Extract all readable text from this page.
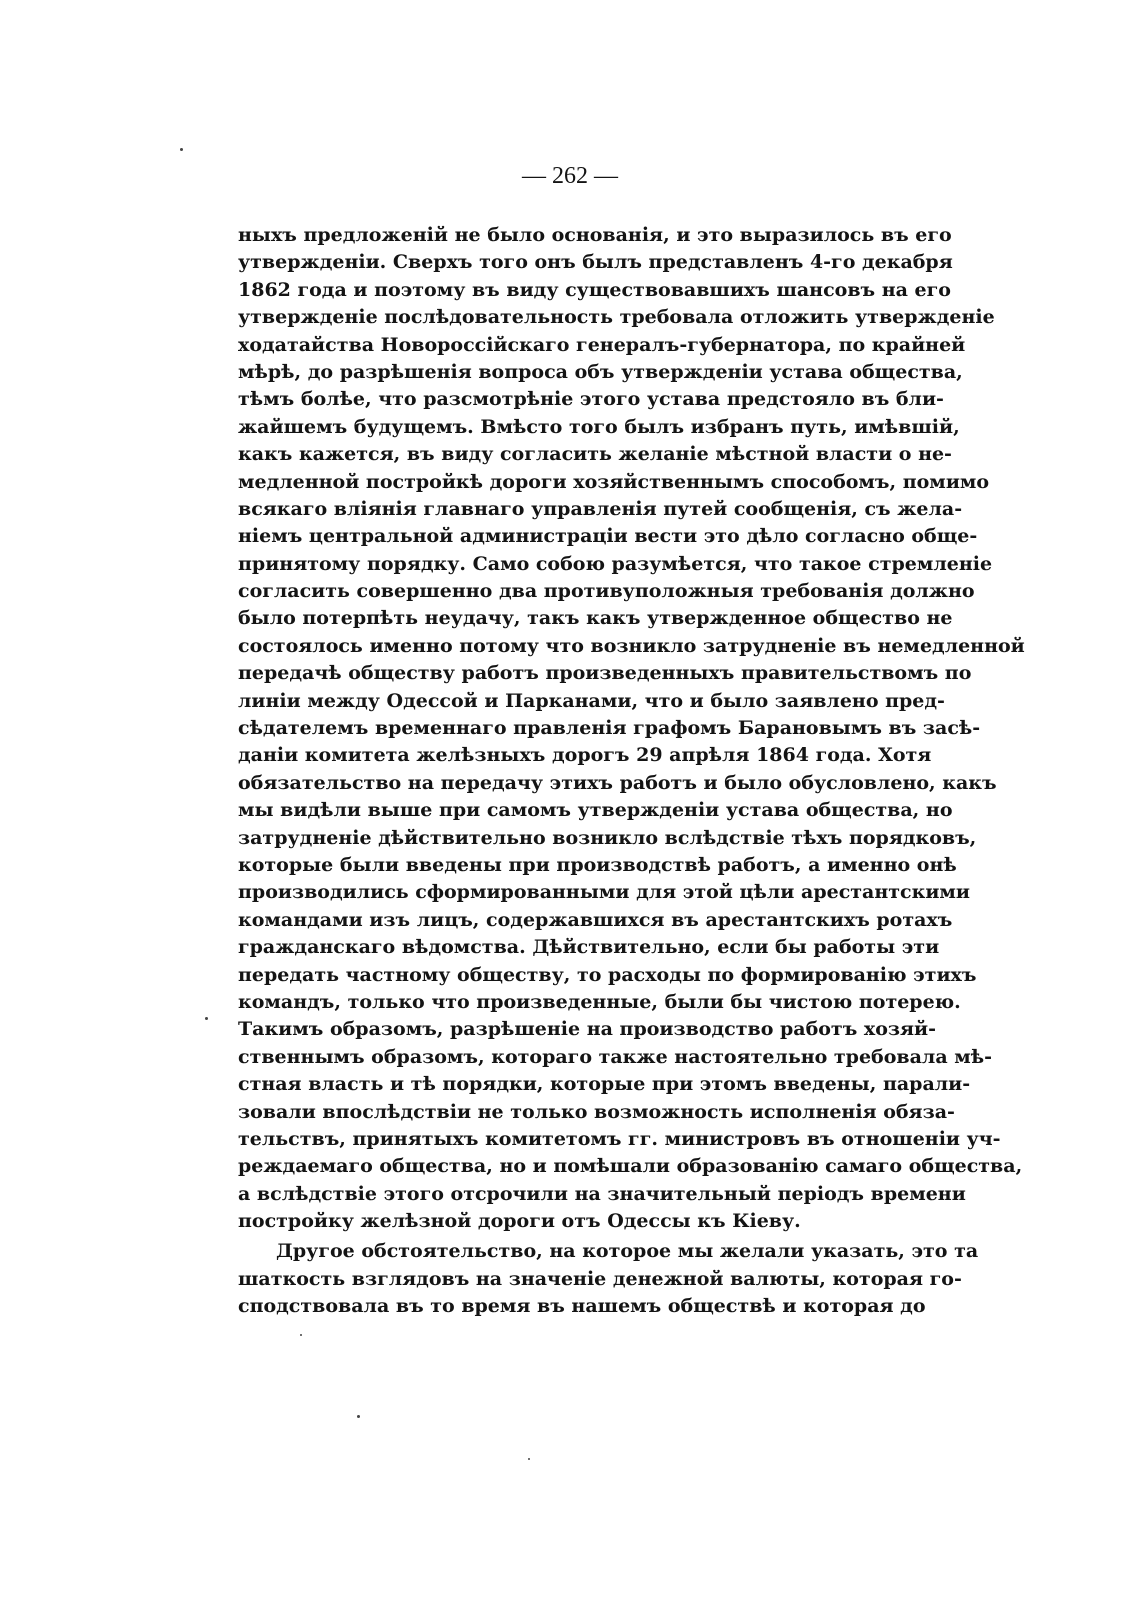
— 262 —
ныхъ предложенiй не было основанія, и это выразилось въ его
утвержденіи. Сверхъ того онъ былъ представленъ 4-го декабря
1862 года и поэтому въ виду существовавшихъ шансовъ на его
утвержденіе послѣдовательность требовала отложить утвержденіе
ходатайства Новороссійскаго генералъ-губернатора, по крайней
мѣрѣ, до разрѣшенія вопроса объ утвержденіи устава общества,
тѣмъ болѣе, что разсмотрѣніе этого устава предстояло въ бли-
жайшемъ будущемъ. Вмѣсто того былъ избранъ путь, имѣвшій,
какъ кажется, въ виду согласить желаніе мѣстной власти о не-
медленной постройкѣ дороги хозяйственнымъ способомъ, помимо
всякаго вліянія главнаго управленія путей сообщенія, съ жела-
ніемъ центральной администраціи вести это дѣло согласно обще-
принятому порядку. Само собою разумѣется, что такое стремленіе
согласить совершенно два противуположныя требованія должно
было потерпѣть неудачу, такъ какъ утвержденное общество не
состоялось именно потому что возникло затрудненіе въ немедленной
передачѣ обществу работъ произведенныхъ правительствомъ по
линіи между Одессой и Парканами, что и было заявлено пред-
сѣдателемъ временнаго правленія графомъ Барановымъ въ засѣ-
даніи комитета желѣзныхъ дорогъ 29 апрѣля 1864 года. Хотя
обязательство на передачу этихъ работъ и было обусловлено, какъ
мы видѣли выше при самомъ утвержденіи устава общества, но
затрудненіе дѣйствительно возникло вслѣдствіе тѣхъ порядковъ,
которые были введены при производствѣ работъ, а именно онѣ
производились сформированными для этой цѣли арестантскими
командами изъ лицъ, содержавшихся въ арестантскихъ ротахъ
гражданскаго вѣдомства. Дѣйствительно, если бы работы эти
передать частному обществу, то расходы по формированію этихъ
командъ, только что произведенные, были бы чистою потерею.
Такимъ образомъ, разрѣшеніе на производство работъ хозяй-
ственнымъ образомъ, котораго также настоятельно требовала мѣ-
стная власть и тѣ порядки, которые при этомъ введены, парали-
зовали впослѣдствіи не только возможность исполненія обяза-
тельствъ, принятыхъ комитетомъ гг. министровъ въ отношеніи уч-
реждаемаго общества, но и помѣшали образованію самаго общества,
а вслѣдствіе этого отсрочили на значительный періодъ времени
постройку желѣзной дороги отъ Одессы къ Кіеву.
Другое обстоятельство, на которое мы желали указать, это та
шаткость взглядовъ на значеніе денежной валюты, которая го-
сподствовала въ то время въ нашемъ обществѣ и которая до
